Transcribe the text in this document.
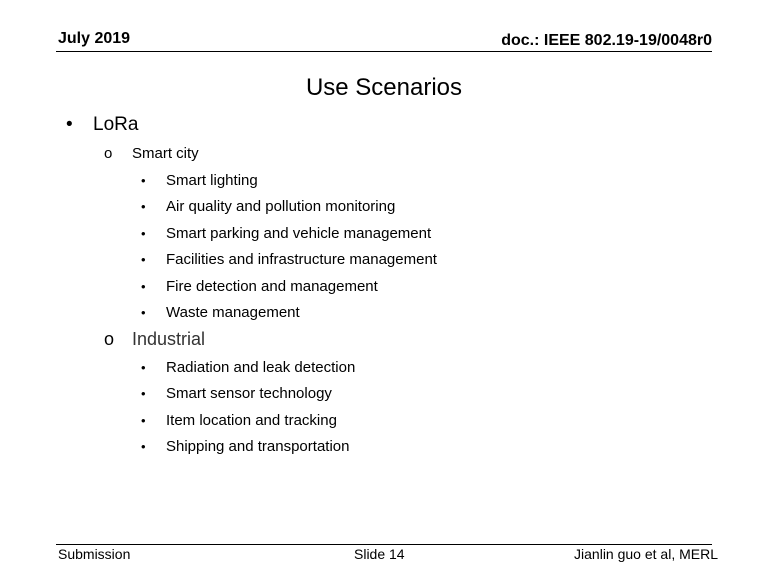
July 2019	doc.: IEEE 802.19-19/0048r0
Use Scenarios
• LoRa
o Smart city
• Smart lighting
• Air quality and pollution monitoring
• Smart parking and vehicle management
• Facilities and infrastructure management
• Fire detection and management
• Waste management
o Industrial
• Radiation and leak detection
• Smart sensor technology
• Item location and tracking
• Shipping and transportation
Submission	Slide 14	Jianlin guo et al, MERL
